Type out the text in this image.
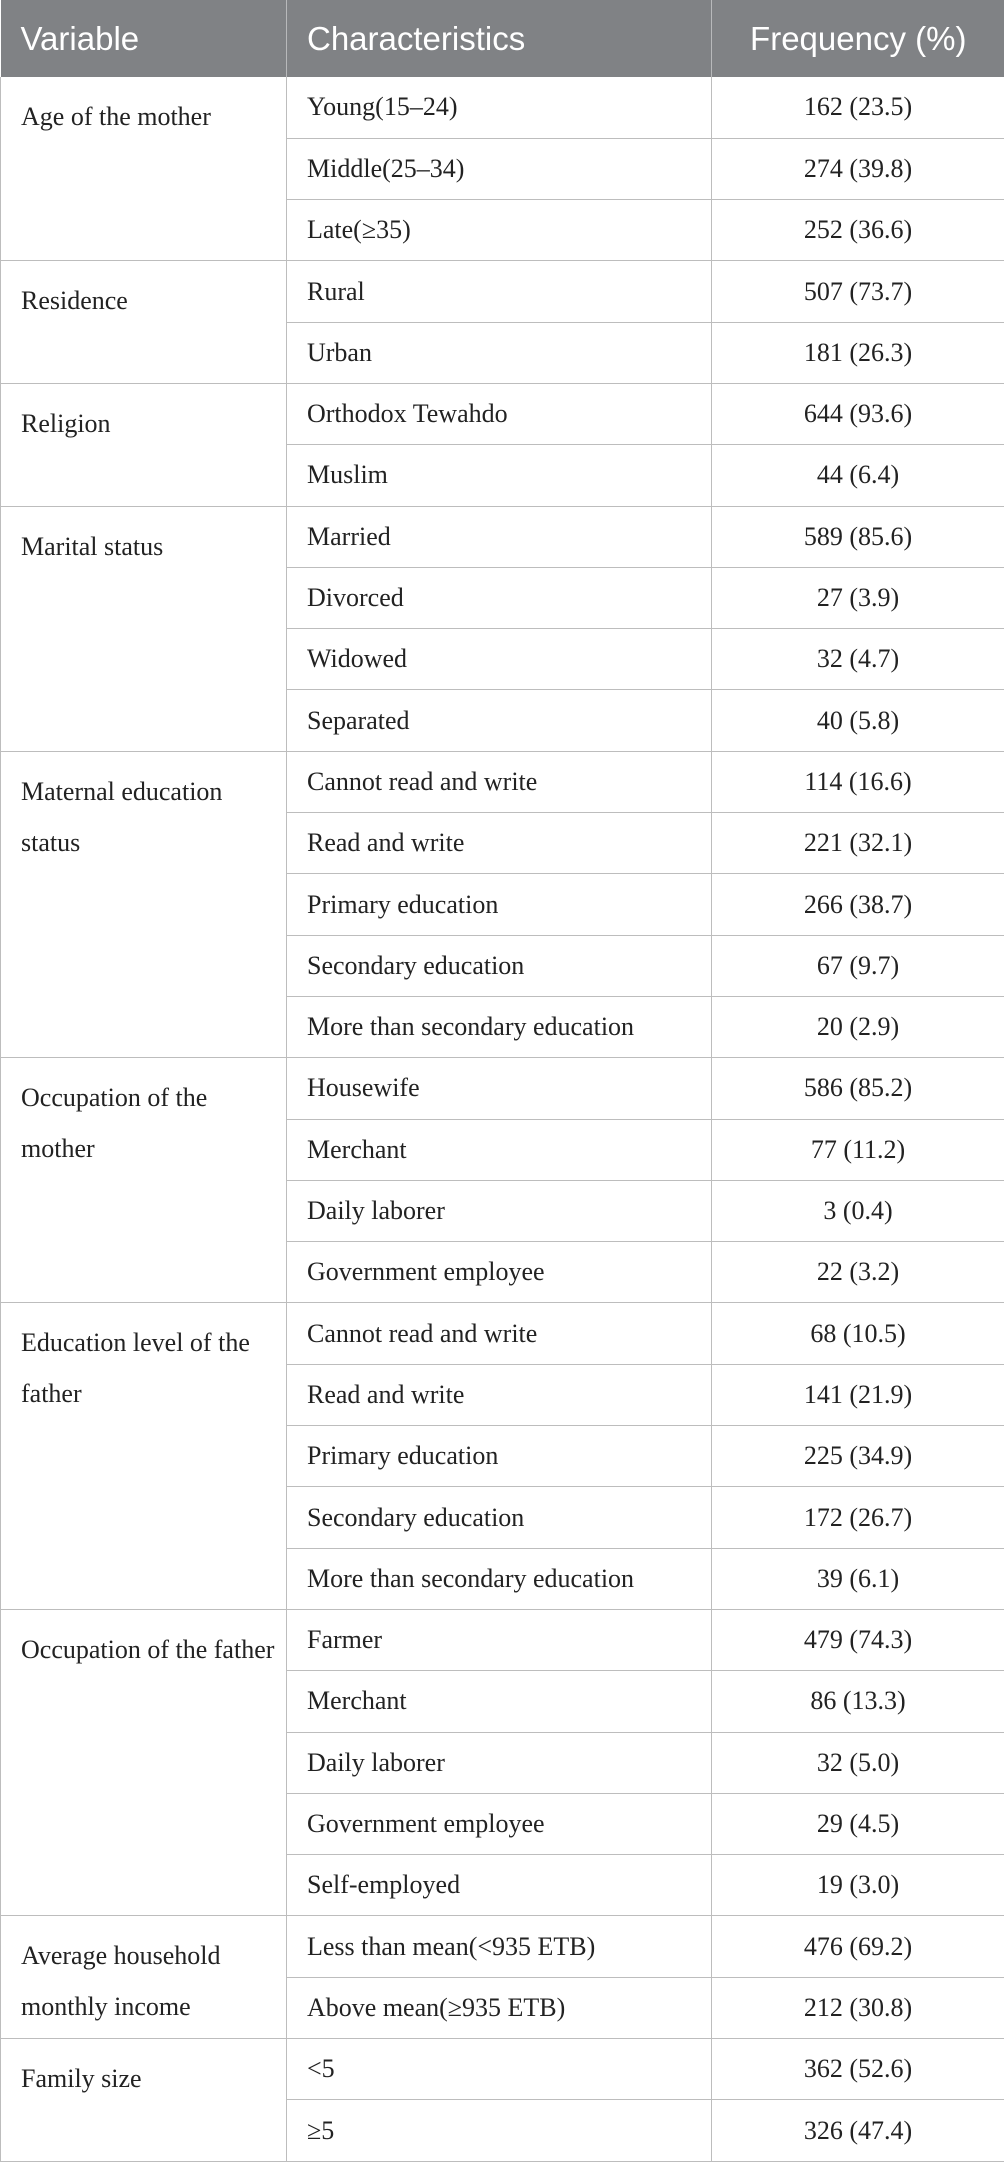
Variable	Characteristics	Frequency (%)
Age of the mother	Young(15–24)	162 (23.5)
	Middle(25–34)	274 (39.8)
	Late(≥35)	252 (36.6)
Residence	Rural	507 (73.7)
	Urban	181 (26.3)
Religion	Orthodox Tewahdo	644 (93.6)
	Muslim	44 (6.4)
Marital status	Married	589 (85.6)
	Divorced	27 (3.9)
	Widowed	32 (4.7)
	Separated	40 (5.8)
Maternal education status	Cannot read and write	114 (16.6)
	Read and write	221 (32.1)
	Primary education	266 (38.7)
	Secondary education	67 (9.7)
	More than secondary education	20 (2.9)
Occupation of the mother	Housewife	586 (85.2)
	Merchant	77 (11.2)
	Daily laborer	3 (0.4)
	Government employee	22 (3.2)
Education level of the father	Cannot read and write	68 (10.5)
	Read and write	141 (21.9)
	Primary education	225 (34.9)
	Secondary education	172 (26.7)
	More than secondary education	39 (6.1)
Occupation of the father	Farmer	479 (74.3)
	Merchant	86 (13.3)
	Daily laborer	32 (5.0)
	Government employee	29 (4.5)
	Self-employed	19 (3.0)
Average household monthly income	Less than mean(<935 ETB)	476 (69.2)
	Above mean(≥935 ETB)	212 (30.8)
Family size	<5	362 (52.6)
	≥5	326 (47.4)
